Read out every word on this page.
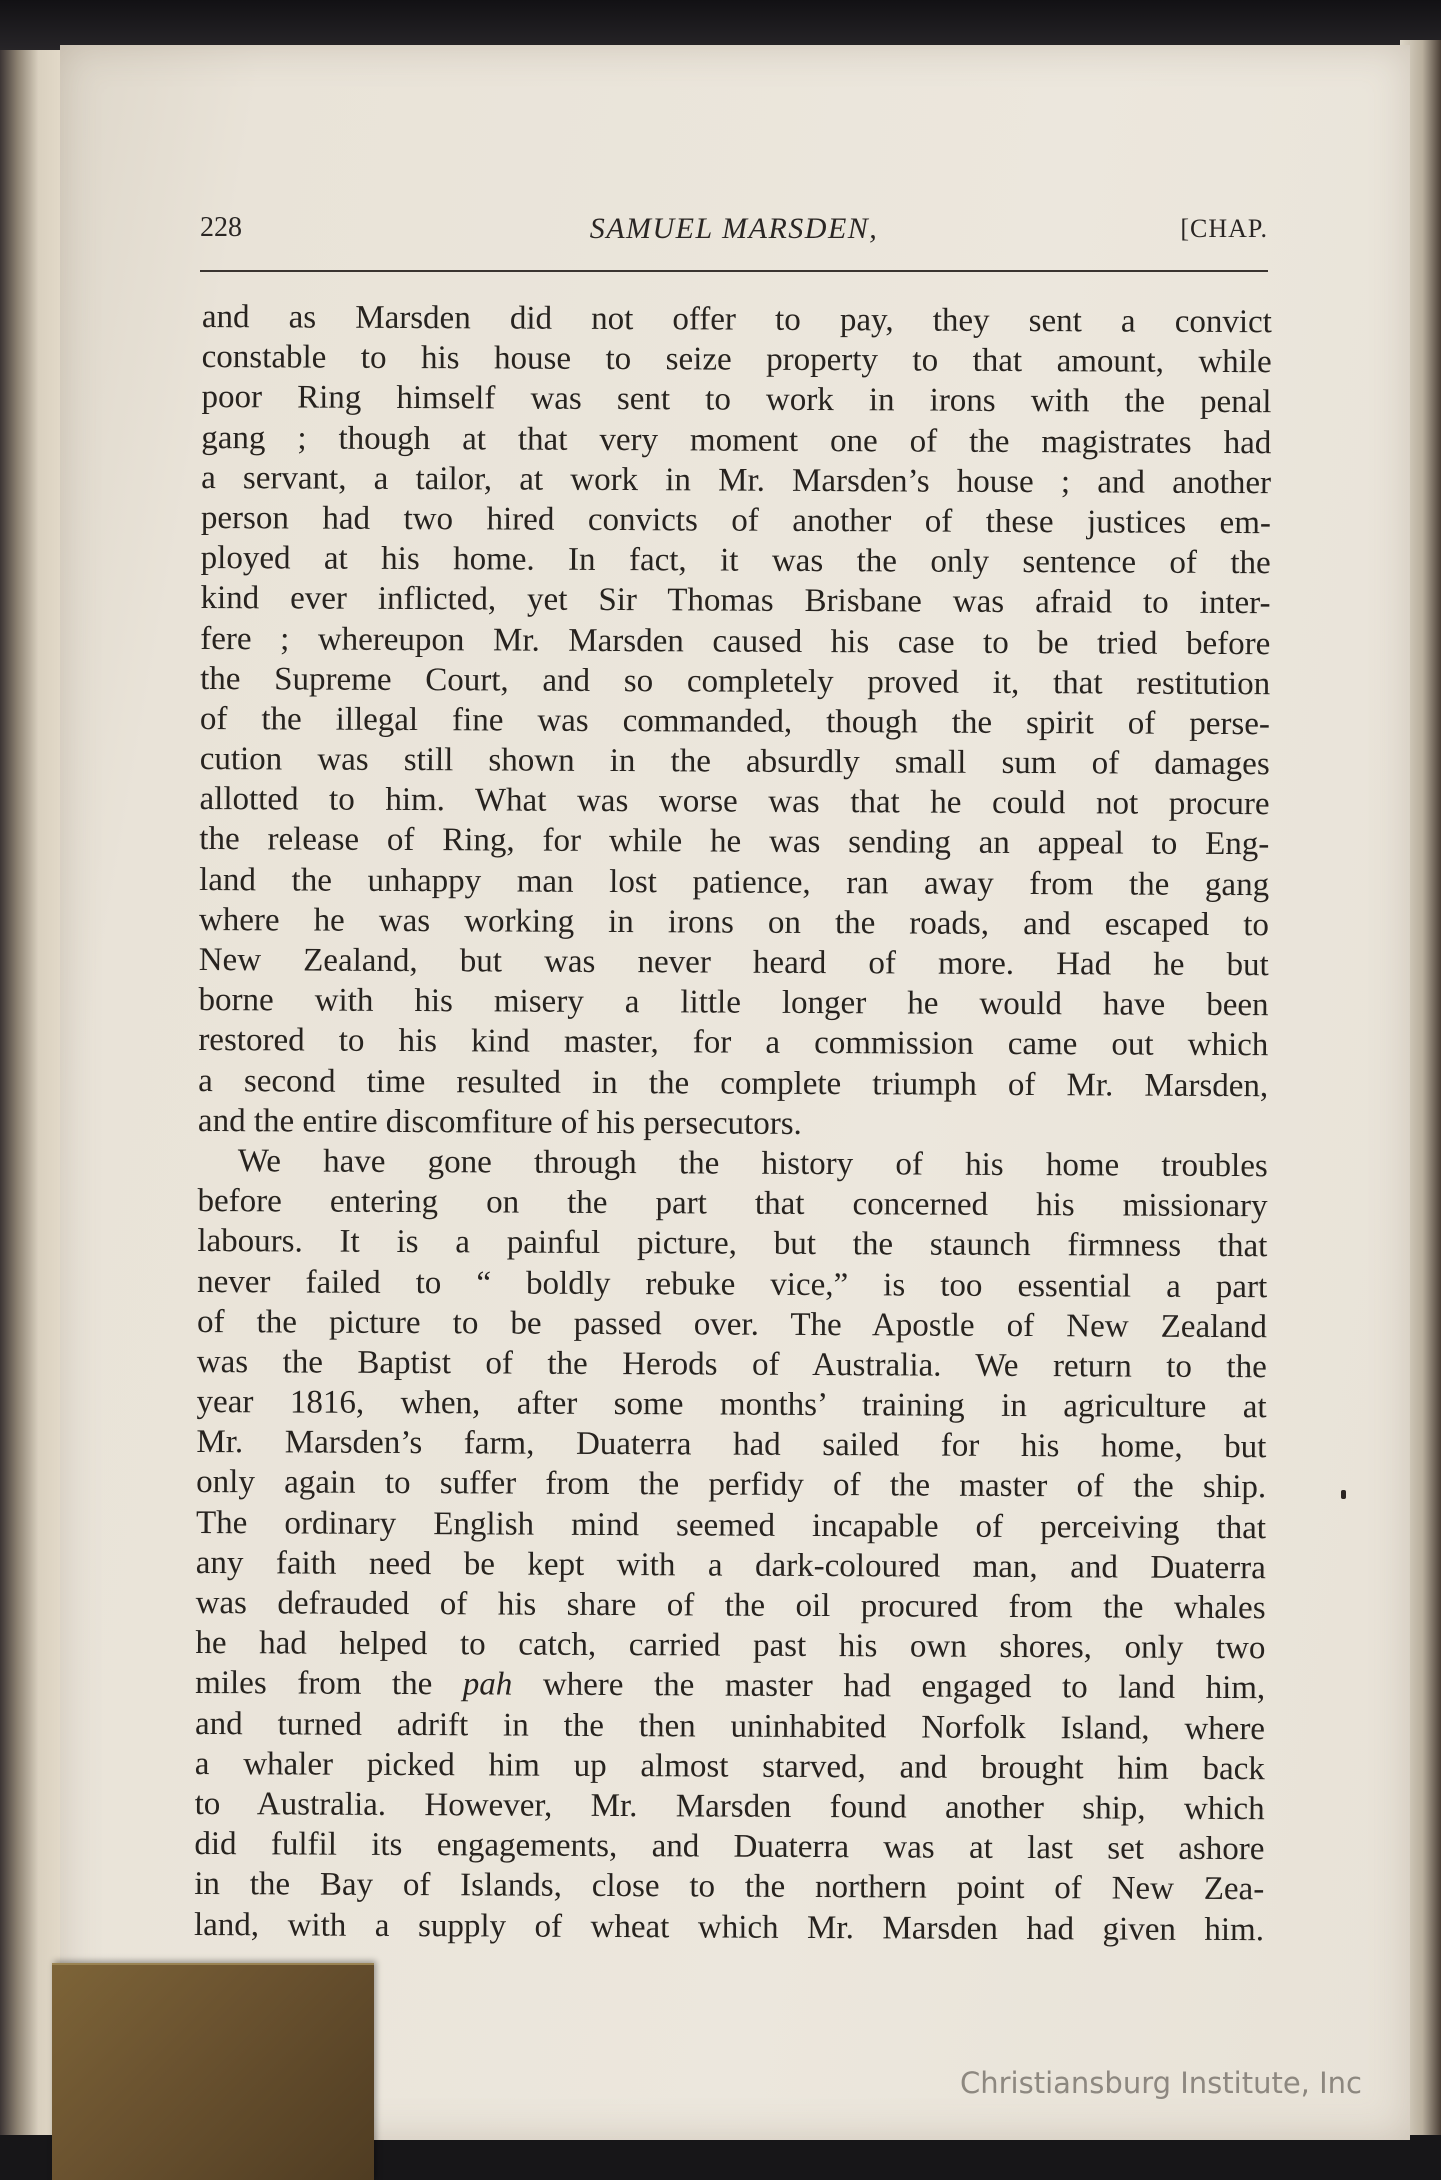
228	SAMUEL MARSDEN,	[CHAP.
and as Marsden did not offer to pay, they sent a convict
constable to his house to seize property to that amount, while
poor Ring himself was sent to work in irons with the penal
gang ; though at that very moment one of the magistrates had
a servant, a tailor, at work in Mr. Marsden’s house ; and another
person had two hired convicts of another of these justices em-
ployed at his home. In fact, it was the only sentence of the
kind ever inflicted, yet Sir Thomas Brisbane was afraid to inter-
fere ; whereupon Mr. Marsden caused his case to be tried before
the Supreme Court, and so completely proved it, that restitution
of the illegal fine was commanded, though the spirit of perse-
cution was still shown in the absurdly small sum of damages
allotted to him. What was worse was that he could not procure
the release of Ring, for while he was sending an appeal to Eng-
land the unhappy man lost patience, ran away from the gang
where he was working in irons on the roads, and escaped to
New Zealand, but was never heard of more. Had he but
borne with his misery a little longer he would have been
restored to his kind master, for a commission came out which
a second time resulted in the complete triumph of Mr. Marsden,
and the entire discomfiture of his persecutors.
We have gone through the history of his home troubles
before entering on the part that concerned his missionary
labours. It is a painful picture, but the staunch firmness that
never failed to “ boldly rebuke vice,” is too essential a part
of the picture to be passed over. The Apostle of New Zealand
was the Baptist of the Herods of Australia. We return to the
year 1816, when, after some months’ training in agriculture at
Mr. Marsden’s farm, Duaterra had sailed for his home, but
only again to suffer from the perfidy of the master of the ship.
The ordinary English mind seemed incapable of perceiving that
any faith need be kept with a dark-coloured man, and Duaterra
was defrauded of his share of the oil procured from the whales
he had helped to catch, carried past his own shores, only two
miles from the pah where the master had engaged to land him,
and turned adrift in the then uninhabited Norfolk Island, where
a whaler picked him up almost starved, and brought him back
to Australia. However, Mr. Marsden found another ship, which
did fulfil its engagements, and Duaterra was at last set ashore
in the Bay of Islands, close to the northern point of New Zea-
land, with a supply of wheat which Mr. Marsden had given him.
Christiansburg Institute, Inc
